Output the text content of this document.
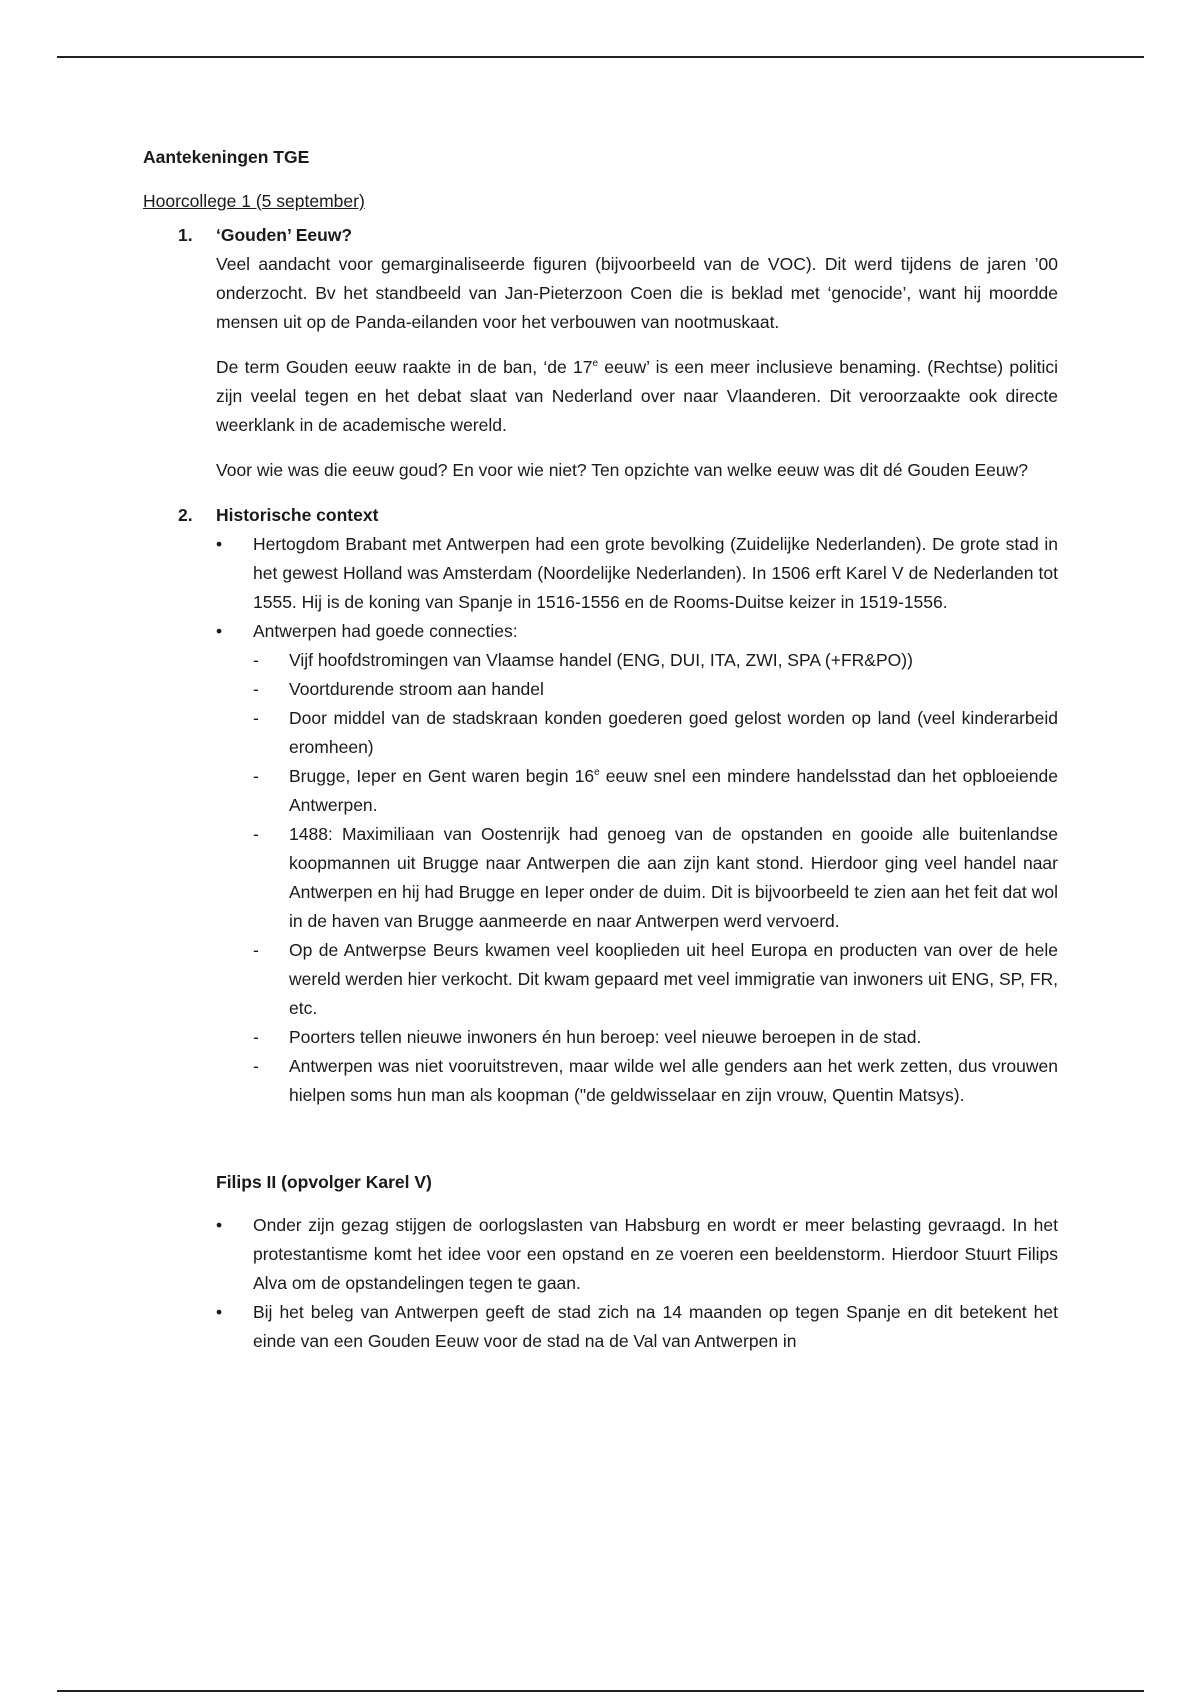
Aantekeningen TGE

Hoorcollege 1 (5 september)

1. ‘Gouden’ Eeuw?

Veel aandacht voor gemarginaliseerde figuren (bijvoorbeeld van de VOC). Dit werd tijdens de jaren ’00 onderzocht. Bv het standbeeld van Jan-Pieterzoon Coen die is beklad met ‘genocide’, want hij moordde mensen uit op de Panda-eilanden voor het verbouwen van nootmuskaat.

De term Gouden eeuw raakte in de ban, ‘de 17e eeuw’ is een meer inclusieve benaming. (Rechtse) politici zijn veelal tegen en het debat slaat van Nederland over naar Vlaanderen. Dit veroorzaakte ook directe weerklank in de academische wereld.

Voor wie was die eeuw goud? En voor wie niet? Ten opzichte van welke eeuw was dit dé Gouden Eeuw?

2. Historische context
• Hertogdom Brabant met Antwerpen had een grote bevolking (Zuidelijke Nederlanden). De grote stad in het gewest Holland was Amsterdam (Noordelijke Nederlanden). In 1506 erft Karel V de Nederlanden tot 1555. Hij is de koning van Spanje in 1516-1556 en de Rooms-Duitse keizer in 1519-1556.
• Antwerpen had goede connecties:
- Vijf hoofdstromingen van Vlaamse handel (ENG, DUI, ITA, ZWI, SPA (+FR&PO))
- Voortdurende stroom aan handel
- Door middel van de stadskraan konden goederen goed gelost worden op land (veel kinderarbeid eromheen)
- Brugge, Ieper en Gent waren begin 16e eeuw snel een mindere handelsstad dan het opbloeiende Antwerpen.
- 1488: Maximiliaan van Oostenrijk had genoeg van de opstanden en gooide alle buitenlandse koopmannen uit Brugge naar Antwerpen die aan zijn kant stond. Hierdoor ging veel handel naar Antwerpen en hij had Brugge en Ieper onder de duim. Dit is bijvoorbeeld te zien aan het feit dat wol in de haven van Brugge aanmeerde en naar Antwerpen werd vervoerd.
- Op de Antwerpse Beurs kwamen veel kooplieden uit heel Europa en producten van over de hele wereld werden hier verkocht. Dit kwam gepaard met veel immigratie van inwoners uit ENG, SP, FR, etc.
- Poorters tellen nieuwe inwoners én hun beroep: veel nieuwe beroepen in de stad.
- Antwerpen was niet vooruitstreven, maar wilde wel alle genders aan het werk zetten, dus vrouwen hielpen soms hun man als koopman ("de geldwisselaar en zijn vrouw, Quentin Matsys).
Filips II (opvolger Karel V)
• Onder zijn gezag stijgen de oorlogslasten van Habsburg en wordt er meer belasting gevraagd. In het protestantisme komt het idee voor een opstand en ze voeren een beeldenstorm. Hierdoor Stuurt Filips Alva om de opstandelingen tegen te gaan.
• Bij het beleg van Antwerpen geeft de stad zich na 14 maanden op tegen Spanje en dit betekent het einde van een Gouden Eeuw voor de stad na de Val van Antwerpen in
